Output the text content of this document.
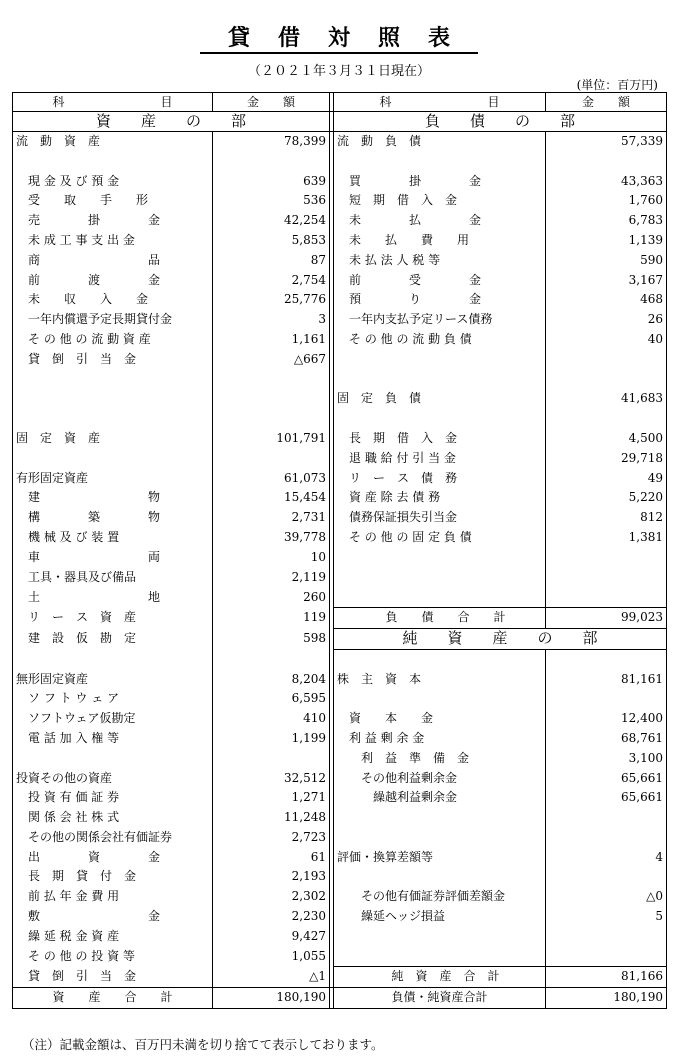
貸借対照表
（２０２１年３月３１日現在）
(単位：百万円)
科　　　　　　　　目	金　　額		科　　　　　　　　目	金　　額
資　　産　　の　　部			負　　債　　の　　部	
流　動　資　産	78,399		流　動　負　債	57,339

　現 金 及 び 預 金	639		　買　　　　掛　　　　金	43,363
　受　　取　　手　　形	536		　短　期　借　入　金	1,760
　売　　　　掛　　　　金	42,254		　未　　　　払　　　　金	6,783
　未 成 工 事 支 出 金	5,853		　未　　払　　費　　用	1,139
　商　　　　　　　　　品	87		　未 払 法 人 税 等	590
　前　　　　渡　　　　金	2,754		　前　　　　受　　　　金	3,167
　未　　収　　入　　金	25,776		　預　　　　り　　　　金	468
　一年内償還予定長期貸付金	3		　一年内支払予定リース債務	26
　そ の 他 の 流 動 資 産	1,161		　そ の 他 の 流 動 負 債	40
　貸　倒　引　当　金	△667			

			固　定　負　債	41,683

固　定　資　産	101,791		　長　期　借　入　金	4,500
			　退 職 給 付 引 当 金	29,718
有形固定資産	61,073		　リ　ー　ス　債　務	49
　建　　　　　　　　　物	15,454		　資 産 除 去 債 務	5,220
　構　　　　築　　　　物	2,731		　債務保証損失引当金	812
　機 械 及 び 装 置	39,778		　そ の 他 の 固 定 負 債	1,381
　車　　　　　　　　　両	10			
　工具・器具及び備品	2,119			
　土　　　　　　　　　地	260			
　リ　ー　ス　資　産	119		　負　　債　　合　　計	99,023
　建　設　仮　勘　定	598		純　　資　　産　　の　　部	

無形固定資産	8,204		株　主　資　本	81,161
　ソ フ ト ウ ェ ア	6,595			
　ソフトウェア仮勘定	410		　資　　本　　金	12,400
　電 話 加 入 権 等	1,199		　利 益 剰 余 金	68,761
			　　利　益　準　備　金	3,100
投資その他の資産	32,512		　　その他利益剰余金	65,661
　投 資 有 価 証 券	1,271		　　　繰越利益剰余金	65,661
　関 係 会 社 株 式	11,248			
　その他の関係会社有価証券	2,723			
　出　　　　資　　　　金	61		評価・換算差額等	4
　長　期　貸　付　金	2,193			
　前 払 年 金 費 用	2,302		　　その他有価証券評価差額金	△0
　敷　　　　　　　　　金	2,230		　　繰延ヘッジ損益	5
　繰 延 税 金 資 産	9,427			
　そ の 他 の 投 資 等	1,055			
　貸　倒　引　当　金	△1		　純　資　産　合　計	81,166
資　　産　　合　　計	180,190		負債・純資産合計	180,190
（注）記載金額は、百万円未満を切り捨てて表示しております。
